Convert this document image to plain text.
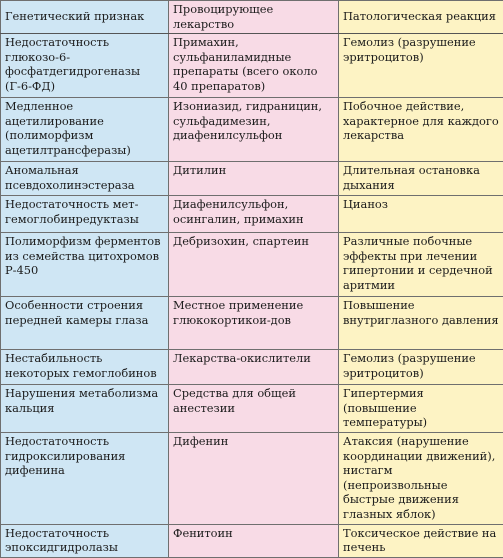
Генетический признак	Провоцирующее лекарство	Патологическая реакция
Недостаточность глюкозо-6-фосфатдегидрогеназы (Г-6-ФД)	Примахин, сульфаниламидные препараты (всего около 40 препаратов)	Гемолиз (разрушение эритроцитов)
Медленное ацетилирование (полиморфизм ацетилтрансферазы)	Изониазид, гидраницин, сульфадимезин, диафенилсульфон	Побочное действие, характерное для каждого лекарства
Аномальная псевдохолинэстераза	Дитилин	Длительная остановка дыхания
Недостаточность мет-гемоглобинредуктазы	Диафенилсульфон, осингалин, примахин	Цианоз
Полиморфизм ферментов из семейства цитохромов Р-450	Дебризохин, спартеин	Различные побочные эффекты при лечении гипертонии и сердечной аритмии
Особенности строения передней камеры глаза	Местное применение глюкокортикои-дов	Повышение внутриглазного давления
Нестабильность некоторых гемоглобинов	Лекарства-окислители	Гемолиз (разрушение эритроцитов)
Нарушения метаболизма кальция	Средства для общей анестезии	Гипертермия (повышение температуры)
Недостаточность гидроксилирования дифенина	Дифенин	Атаксия (нарушение координации движений), нистагм (непроизвольные быстрые движения глазных яблок)
Недостаточность эпоксидгидролазы	Фенитоин	Токсическое действие на печень
